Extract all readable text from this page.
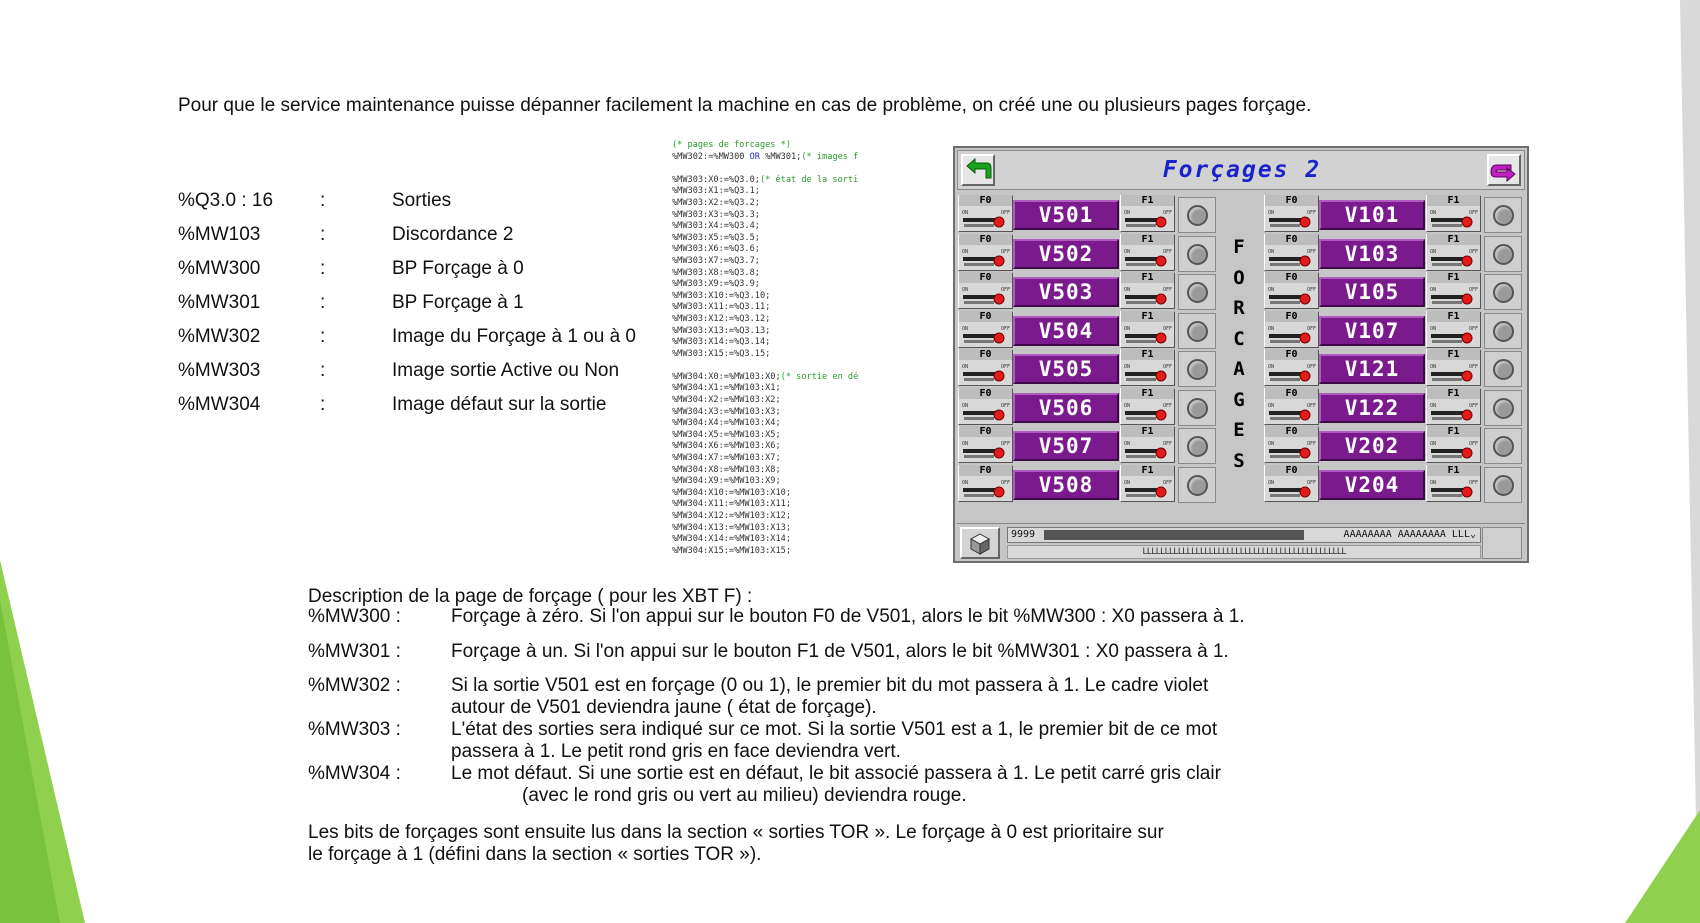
Pour que le service maintenance puisse dépanner facilement la machine en cas de problème, on créé une ou plusieurs pages forçage.
%Q3.0 : 16 :	Sorties
%MW103	:	Discordance 2
%MW300	:	BP Forçage à 0
%MW301	:	BP Forçage à 1
%MW302	:	Image du Forçage à 1 ou à 0
%MW303	:	Image sortie Active ou Non
%MW304	:	Image défaut sur la sortie
(* pages de forcages *)
%MW302:=%MW300 OR %MW301;(* images f
%MW303:X0:=%Q3.0;(* état de la sorti
%MW303:X1:=%Q3.1;
%MW303:X2:=%Q3.2;
%MW303:X3:=%Q3.3;
%MW303:X4:=%Q3.4;
%MW303:X5:=%Q3.5;
%MW303:X6:=%Q3.6;
%MW303:X7:=%Q3.7;
%MW303:X8:=%Q3.8;
%MW303:X9:=%Q3.9;
%MW303:X10:=%Q3.10;
%MW303:X11:=%Q3.11;
%MW303:X12:=%Q3.12;
%MW303:X13:=%Q3.13;
%MW303:X14:=%Q3.14;
%MW303:X15:=%Q3.15;
%MW304:X0:=%MW103:X0;(* sortie en dé
%MW304:X1:=%MW103:X1;
%MW304:X2:=%MW103:X2;
%MW304:X3:=%MW103:X3;
%MW304:X4:=%MW103:X4;
%MW304:X5:=%MW103:X5;
%MW304:X6:=%MW103:X6;
%MW304:X7:=%MW103:X7;
%MW304:X8:=%MW103:X8;
%MW304:X9:=%MW103:X9;
%MW304:X10:=%MW103:X10;
%MW304:X11:=%MW103:X11;
%MW304:X12:=%MW103:X12;
%MW304:X13:=%MW103:X13;
%MW304:X14:=%MW103:X14;
%MW304:X15:=%MW103:X15;
Forçages 2
F
O
R
C
A
G
E
S
F0
ON	OFF	V501
F1
ON	OFF
F0
ON	OFF	V502
F1
ON	OFF
F0
ON	OFF	V503
F1
ON	OFF
F0
ON	OFF	V504
F1
ON	OFF
F0
ON	OFF	V505
F1
ON	OFF
F0
ON	OFF	V506
F1
ON	OFF
F0
ON	OFF	V507
F1
ON	OFF
F0
ON	OFF	V508
F1
ON	OFF
F0
ON	OFF	V101
F1
ON	OFF
F0
ON	OFF	V103
F1
ON	OFF
F0
ON	OFF	V105
F1
ON	OFF
F0
ON	OFF	V107
F1
ON	OFF
F0
ON	OFF	V121
F1
ON	OFF
F0
ON	OFF	V122
F1
ON	OFF
F0
ON	OFF	V202
F1
ON	OFF
F0
ON	OFF	V204
F1
ON	OFF
9999	AAAAAAAA AAAAAAAA LLL⌄
LLLLLLLLLLLLLLLLLLLLLLLLLLLLLLLLLLLLLLLLLLLLLL
Description de la page de forçage ( pour les XBT F) :
%MW300 :	Forçage à zéro. Si l'on appui sur le bouton F0 de V501, alors le bit %MW300 : X0 passera à 1.
%MW301 :	Forçage à un. Si l'on appui sur le bouton F1 de V501, alors le bit %MW301 : X0 passera à 1.
%MW302 :	Si la sortie V501 est en forçage (0 ou 1), le premier bit du mot passera à 1. Le cadre violet
autour de V501 deviendra jaune ( état de forçage).
%MW303 :	L'état des sorties sera indiqué sur ce mot. Si la sortie V501 est a 1, le premier bit de ce mot
passera à 1. Le petit rond gris en face deviendra vert.
%MW304 :	Le mot défaut. Si une sortie est en défaut, le bit associé passera à 1. Le petit carré gris clair
(avec le rond gris ou vert au milieu) deviendra rouge.
Les bits de forçages sont ensuite lus dans la section « sorties TOR ». Le forçage à 0 est prioritaire sur
le forçage à 1 (défini dans la section « sorties TOR »).
